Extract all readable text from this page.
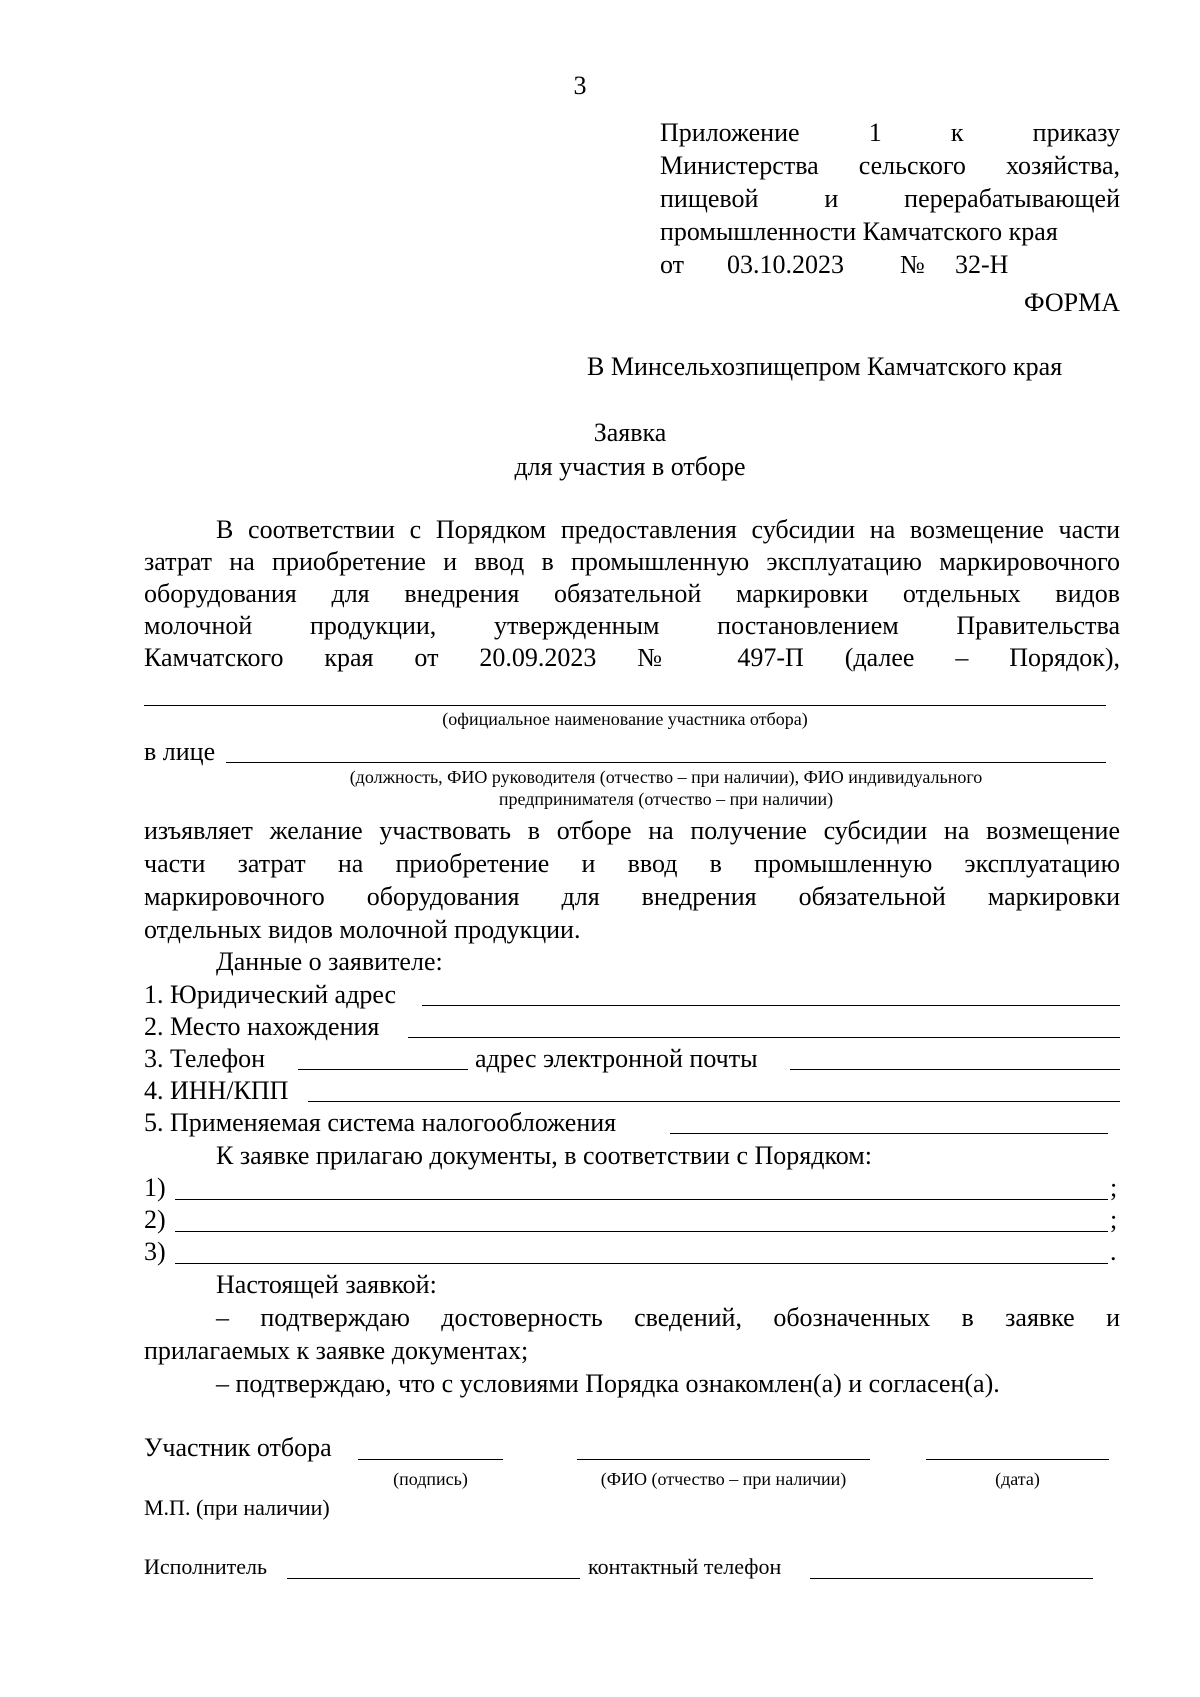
3
Приложение 1 к приказу
Министерства сельского хозяйства,
пищевой и перерабатывающей
промышленности Камчатского края
от 03.10.2023 № 32-Н
ФОРМА
В Минсельхозпищепром Камчатского края
Заявка
для участия в отборе
В соответствии с Порядком предоставления субсидии на возмещение части
затрат на приобретение и ввод в промышленную эксплуатацию маркировочного
оборудования для внедрения обязательной маркировки отдельных видов
молочной продукции, утвержденным постановлением Правительства
Камчатского края от 20.09.2023 № 497-П (далее – Порядок),
(официальное наименование участника отбора)
в лице
(должность, ФИО руководителя (отчество – при наличии), ФИО индивидуального
предпринимателя (отчество – при наличии)
изъявляет желание участвовать в отборе на получение субсидии на возмещение
части затрат на приобретение и ввод в промышленную эксплуатацию
маркировочного оборудования для внедрения обязательной маркировки
отдельных видов молочной продукции.
Данные о заявителе:
1. Юридический адрес
2. Место нахождения
3. Телефон	адрес электронной почты
4. ИНН/КПП
5. Применяемая система налогообложения
К заявке прилагаю документы, в соответствии с Порядком:
1)	;
2)	;
3)	.
Настоящей заявкой:
– подтверждаю достоверность сведений, обозначенных в заявке и
прилагаемых к заявке документах;
– подтверждаю, что с условиями Порядка ознакомлен(а) и согласен(а).
Участник отбора
(подпись)	(ФИО (отчество – при наличии)	(дата)
М.П. (при наличии)
Исполнитель	контактный телефон
